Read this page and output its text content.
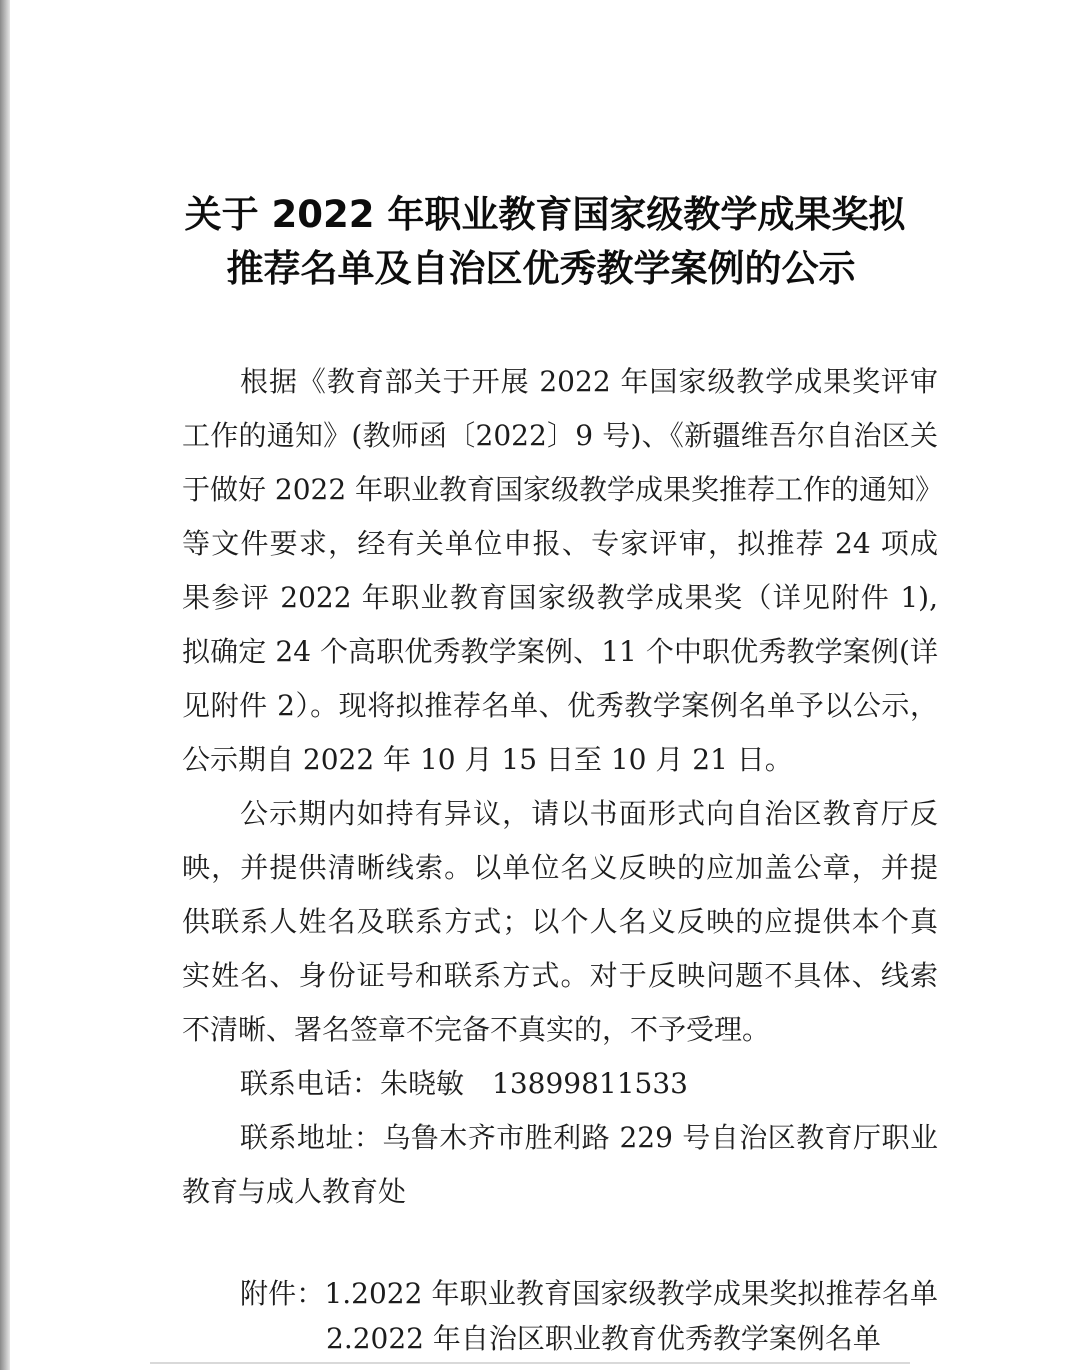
关于 2022 年职业教育国家级教学成果奖拟
推荐名单及自治区优秀教学案例的公示
根据《教育部关于开展 2022 年国家级教学成果奖评审
工作的通知》(教师函〔2022〕9 号)、《新疆维吾尔自治区关
于做好 2022 年职业教育国家级教学成果奖推荐工作的通知》
等文件要求，经有关单位申报、专家评审，拟推荐 24 项成
果参评 2022 年职业教育国家级教学成果奖（详见附件 1),
拟确定 24 个高职优秀教学案例、11 个中职优秀教学案例(详
见附件 2）。现将拟推荐名单、优秀教学案例名单予以公示，
公示期自 2022 年 10 月 15 日至 10 月 21 日。
公示期内如持有异议，请以书面形式向自治区教育厅反
映，并提供清晰线索。以单位名义反映的应加盖公章，并提
供联系人姓名及联系方式；以个人名义反映的应提供本个真
实姓名、身份证号和联系方式。对于反映问题不具体、线索
不清晰、署名签章不完备不真实的，不予受理。
联系电话：朱晓敏 13899811533
联系地址：乌鲁木齐市胜利路 229 号自治区教育厅职业
教育与成人教育处
附件：1.2022 年职业教育国家级教学成果奖拟推荐名单
2.2022 年自治区职业教育优秀教学案例名单
